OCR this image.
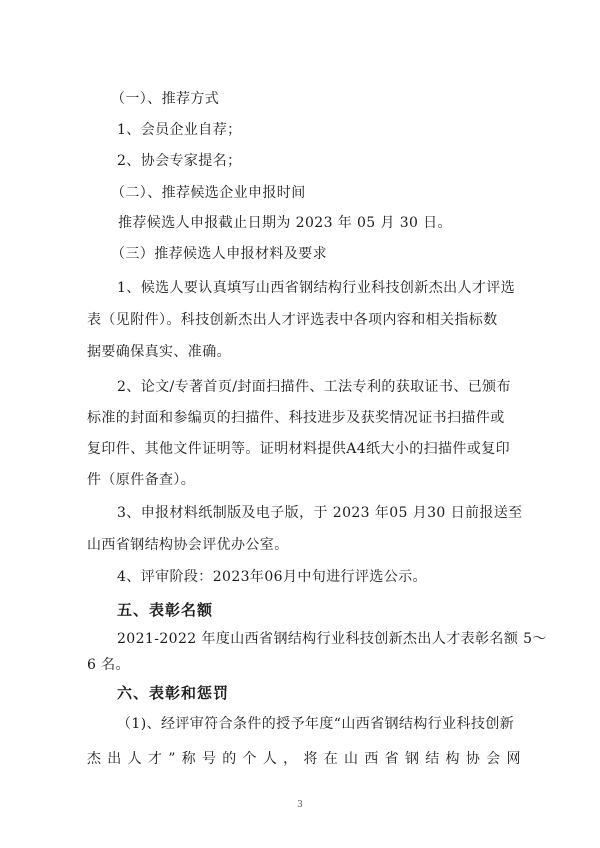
（一）、推荐方式
1、会员企业自荐；
2、协会专家提名；
（二）、推荐候选企业申报时间
推荐候选人申报截止日期为 2023 年 05 月 30 日。
（三）推荐候选人申报材料及要求
1、候选人要认真填写山西省钢结构行业科技创新杰出人才评选
表（见附件）。科技创新杰出人才评选表中各项内容和相关指标数
据要确保真实、准确。
2、论文/专著首页/封面扫描件、工法专利的获取证书、已颁布
标准的封面和参编页的扫描件、科技进步及获奖情况证书扫描件或
复印件、其他文件证明等。证明材料提供A4纸大小的扫描件或复印
件（原件备查）。
3、申报材料纸制版及电子版，于 2023 年05 月30 日前报送至
山西省钢结构协会评优办公室。
4、评审阶段：2023年06月中旬进行评选公示。
五、表彰名额
2021-2022 年度山西省钢结构行业科技创新杰出人才表彰名额 5～
6 名。
六、表彰和惩罚
（1)、经评审符合条件的授予年度“山西省钢结构行业科技创新
杰出人才”称号的个人，将在山西省钢结构协会网
3
